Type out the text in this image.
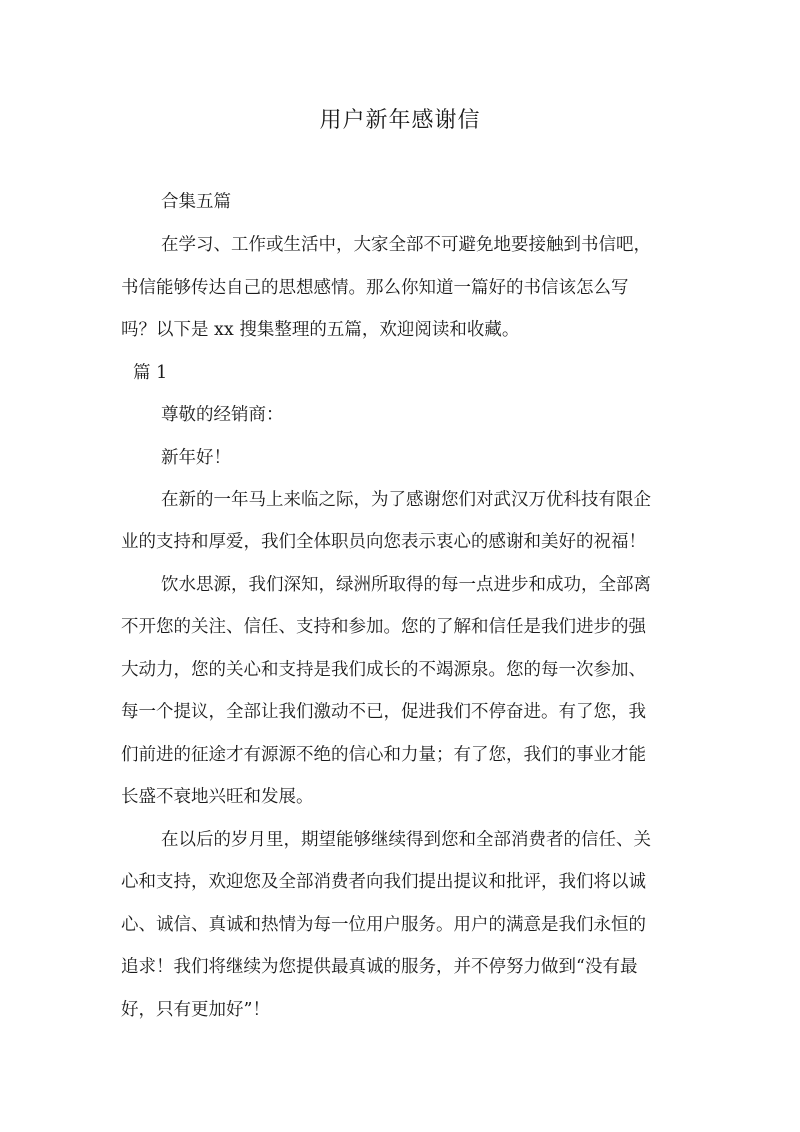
用户新年感谢信

合集五篇

在学习、工作或生活中，大家全部不可避免地要接触到书信吧，

书信能够传达自己的思想感情。那么你知道一篇好的书信该怎么写

吗？以下是 xx 搜集整理的五篇，欢迎阅读和收藏。

篇 1

尊敬的经销商：

新年好！

在新的一年马上来临之际，为了感谢您们对武汉万优科技有限企

业的支持和厚爱，我们全体职员向您表示衷心的感谢和美好的祝福！

饮水思源，我们深知，绿洲所取得的每一点进步和成功，全部离

不开您的关注、信任、支持和参加。您的了解和信任是我们进步的强

大动力，您的关心和支持是我们成长的不竭源泉。您的每一次参加、

每一个提议，全部让我们激动不已，促进我们不停奋进。有了您，我

们前进的征途才有源源不绝的信心和力量；有了您，我们的事业才能

长盛不衰地兴旺和发展。

在以后的岁月里，期望能够继续得到您和全部消费者的信任、关

心和支持，欢迎您及全部消费者向我们提出提议和批评，我们将以诚

心、诚信、真诚和热情为每一位用户服务。用户的满意是我们永恒的

追求！我们将继续为您提供最真诚的服务，并不停努力做到“没有最

好，只有更加好”！
